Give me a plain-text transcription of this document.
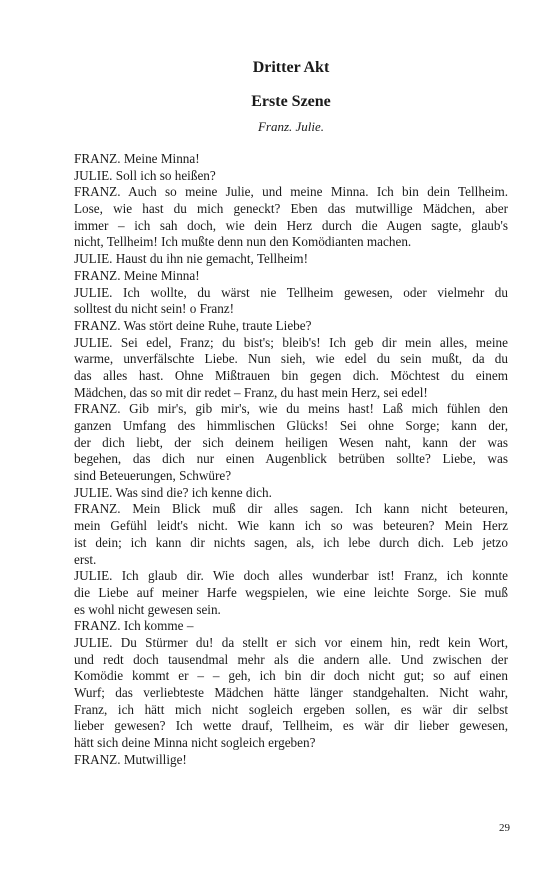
Dritter Akt
Erste Szene
Franz. Julie.
FRANZ. Meine Minna!
JULIE. Soll ich so heißen?
FRANZ. Auch so meine Julie, und meine Minna. Ich bin dein Tellheim.
Lose, wie hast du mich geneckt? Eben das mutwillige Mädchen, aber
immer – ich sah doch, wie dein Herz durch die Augen sagte, glaub's
nicht, Tellheim! Ich mußte denn nun den Komödianten machen.
JULIE. Haust du ihn nie gemacht, Tellheim!
FRANZ. Meine Minna!
JULIE. Ich wollte, du wärst nie Tellheim gewesen, oder vielmehr du
solltest du nicht sein! o Franz!
FRANZ. Was stört deine Ruhe, traute Liebe?
JULIE. Sei edel, Franz; du bist's; bleib's! Ich geb dir mein alles, meine
warme, unverfälschte Liebe. Nun sieh, wie edel du sein mußt, da du
das alles hast. Ohne Mißtrauen bin gegen dich. Möchtest du einem
Mädchen, das so mit dir redet – Franz, du hast mein Herz, sei edel!
FRANZ. Gib mir's, gib mir's, wie du meins hast! Laß mich fühlen den
ganzen Umfang des himmlischen Glücks! Sei ohne Sorge; kann der,
der dich liebt, der sich deinem heiligen Wesen naht, kann der was
begehen, das dich nur einen Augenblick betrüben sollte? Liebe, was
sind Beteuerungen, Schwüre?
JULIE. Was sind die? ich kenne dich.
FRANZ. Mein Blick muß dir alles sagen. Ich kann nicht beteuren,
mein Gefühl leidt's nicht. Wie kann ich so was beteuren? Mein Herz
ist dein; ich kann dir nichts sagen, als, ich lebe durch dich. Leb jetzo
erst.
JULIE. Ich glaub dir. Wie doch alles wunderbar ist! Franz, ich konnte
die Liebe auf meiner Harfe wegspielen, wie eine leichte Sorge. Sie muß
es wohl nicht gewesen sein.
FRANZ. Ich komme –
JULIE. Du Stürmer du! da stellt er sich vor einem hin, redt kein Wort,
und redt doch tausendmal mehr als die andern alle. Und zwischen der
Komödie kommt er – – geh, ich bin dir doch nicht gut; so auf einen
Wurf; das verliebteste Mädchen hätte länger standgehalten. Nicht wahr,
Franz, ich hätt mich nicht sogleich ergeben sollen, es wär dir selbst
lieber gewesen? Ich wette drauf, Tellheim, es wär dir lieber gewesen,
hätt sich deine Minna nicht sogleich ergeben?
FRANZ. Mutwillige!
29
